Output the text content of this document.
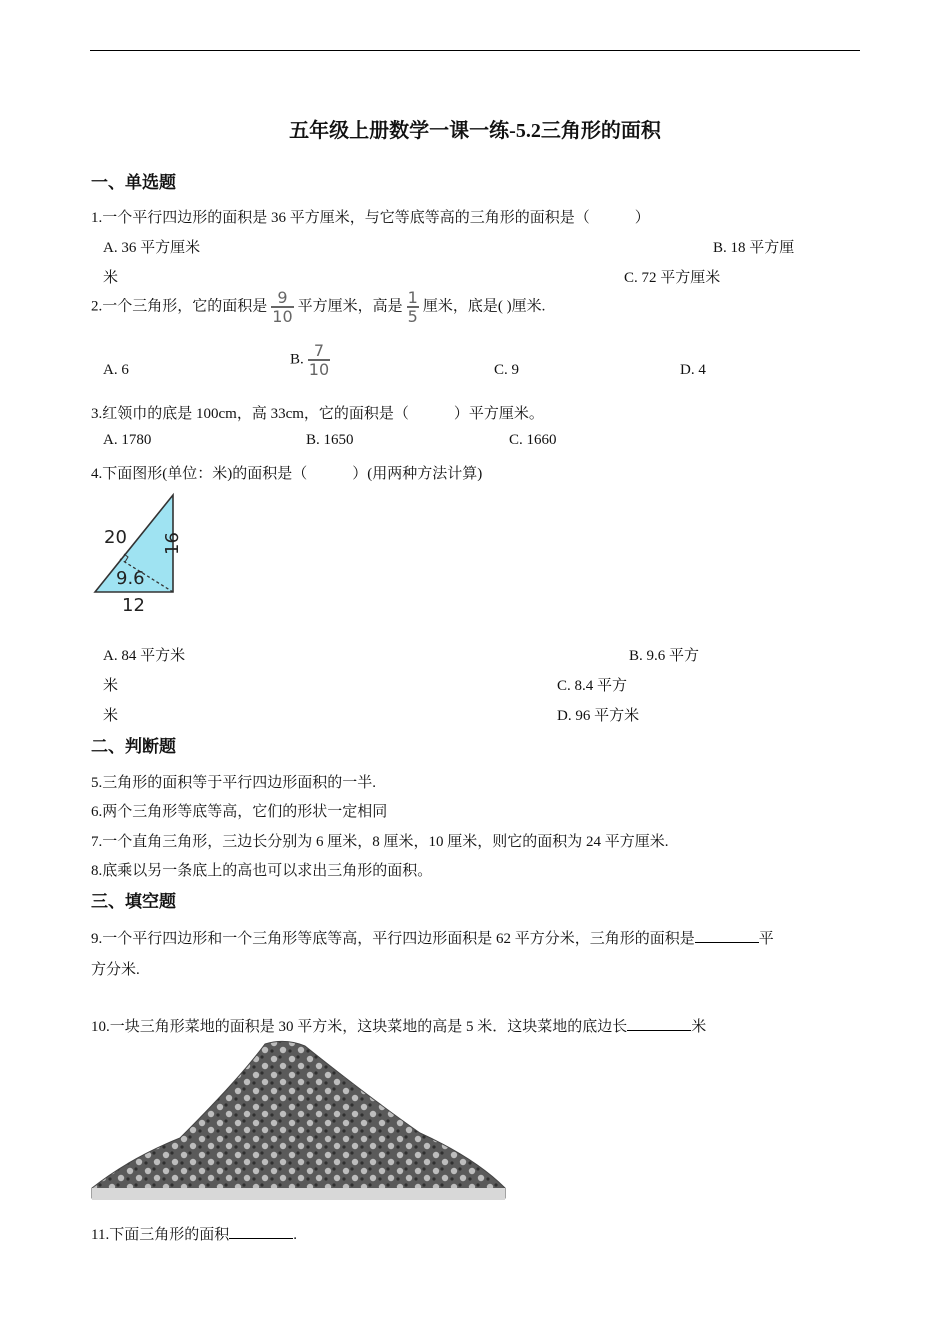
五年级上册数学一课一练-5.2三角形的面积
一、单选题
1.一个平行四边形的面积是 36 平方厘米，与它等底等高的三角形的面积是（　　　）
A. 36 平方厘米	B. 18 平方厘
米	C. 72 平方厘米
2.一个三角形，它的面积是 $\frac{9}{10}$ 平方厘米，高是 $\frac{1}{5}$ 厘米，底是( )厘米.
A. 6
B. $\frac{7}{10}$	C. 9	D. 4
3.红领巾的底是 100cm，高 33cm，它的面积是（　　　）平方厘米。
A. 1780	B. 1650	C. 1660
4.下面图形(单位：米)的面积是（　　　）(用两种方法计算)
20 16
9.6
12
A. 84 平方米	B. 9.6 平方
米	C. 8.4 平方
米	D. 96 平方米
二、判断题
5.三角形的面积等于平行四边形面积的一半.
6.两个三角形等底等高，它们的形状一定相同
7.一个直角三角形，三边长分别为 6 厘米，8 厘米，10 厘米，则它的面积为 24 平方厘米.
8.底乘以另一条底上的高也可以求出三角形的面积。
三、填空题
9.一个平行四边形和一个三角形等底等高，平行四边形面积是 62 平方分米，三角形的面积是	平
方分米.
10.一块三角形菜地的面积是 30 平方米，这块菜地的高是 5 米．这块菜地的底边长	米
11.下面三角形的面积	.
